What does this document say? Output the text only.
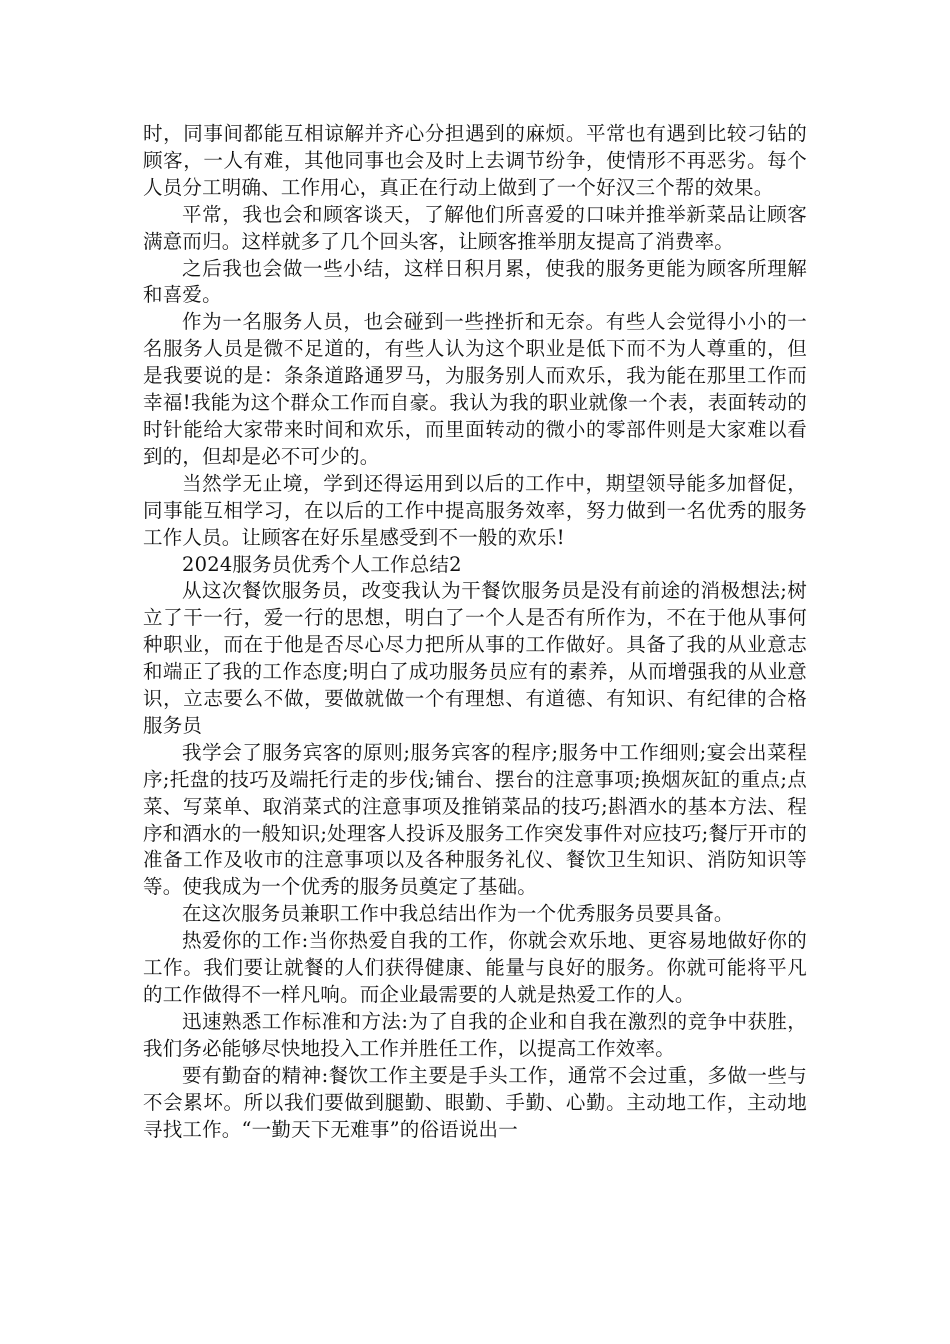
时，同事间都能互相谅解并齐心分担遇到的麻烦。平常也有遇到比较刁钻的顾客，一人有难，其他同事也会及时上去调节纷争，使情形不再恶劣。每个人员分工明确、工作用心，真正在行动上做到了一个好汉三个帮的效果。

平常，我也会和顾客谈天，了解他们所喜爱的口味并推举新菜品让顾客满意而归。这样就多了几个回头客，让顾客推举朋友提高了消费率。

之后我也会做一些小结，这样日积月累，使我的服务更能为顾客所理解和喜爱。

作为一名服务人员，也会碰到一些挫折和无奈。有些人会觉得小小的一名服务人员是微不足道的，有些人认为这个职业是低下而不为人尊重的，但是我要说的是：条条道路通罗马，为服务别人而欢乐，我为能在那里工作而幸福!我能为这个群众工作而自豪。我认为我的职业就像一个表，表面转动的时针能给大家带来时间和欢乐，而里面转动的微小的零部件则是大家难以看到的，但却是必不可少的。

当然学无止境，学到还得运用到以后的工作中，期望领导能多加督促，同事能互相学习，在以后的工作中提高服务效率，努力做到一名优秀的服务工作人员。让顾客在好乐星感受到不一般的欢乐!

2024服务员优秀个人工作总结2

从这次餐饮服务员，改变我认为干餐饮服务员是没有前途的消极想法;树立了干一行，爱一行的思想，明白了一个人是否有所作为，不在于他从事何种职业，而在于他是否尽心尽力把所从事的工作做好。具备了我的从业意志和端正了我的工作态度;明白了成功服务员应有的素养，从而增强我的从业意识，立志要么不做，要做就做一个有理想、有道德、有知识、有纪律的合格服务员

我学会了服务宾客的原则;服务宾客的程序;服务中工作细则;宴会出菜程序;托盘的技巧及端托行走的步伐;铺台、摆台的注意事项;换烟灰缸的重点;点菜、写菜单、取消菜式的注意事项及推销菜品的技巧;斟酒水的基本方法、程序和酒水的一般知识;处理客人投诉及服务工作突发事件对应技巧;餐厅开市的准备工作及收市的注意事项以及各种服务礼仪、餐饮卫生知识、消防知识等等。使我成为一个优秀的服务员奠定了基础。

在这次服务员兼职工作中我总结出作为一个优秀服务员要具备。

热爱你的工作:当你热爱自我的工作，你就会欢乐地、更容易地做好你的工作。我们要让就餐的人们获得健康、能量与良好的服务。你就可能将平凡的工作做得不一样凡响。而企业最需要的人就是热爱工作的人。

迅速熟悉工作标准和方法:为了自我的企业和自我在激烈的竞争中获胜，我们务必能够尽快地投入工作并胜任工作，以提高工作效率。

要有勤奋的精神:餐饮工作主要是手头工作，通常不会过重，多做一些与不会累坏。所以我们要做到腿勤、眼勤、手勤、心勤。主动地工作，主动地寻找工作。“一勤天下无难事”的俗语说出一
